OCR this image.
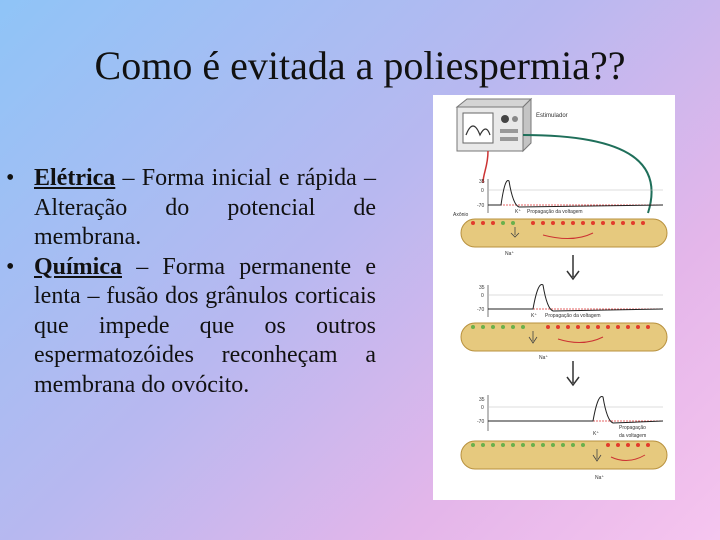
Como é evitada a poliespermia??
• Elétrica – Forma inicial e rápida – Alteração do potencial de membrana.
• Química – Forma permanente e lenta – fusão dos grânulos corticais que impede que os outros espermatozóides reconheçam a membrana do ovócito.
Estimulador
35
0
-70
Axônio	K⁺ Propagação da voltagem
Na⁺
35
0
-70
K⁺ Propagação da voltagem
Na⁺
35
0
-70
Propagação
da voltagem
K⁺
Na⁺
